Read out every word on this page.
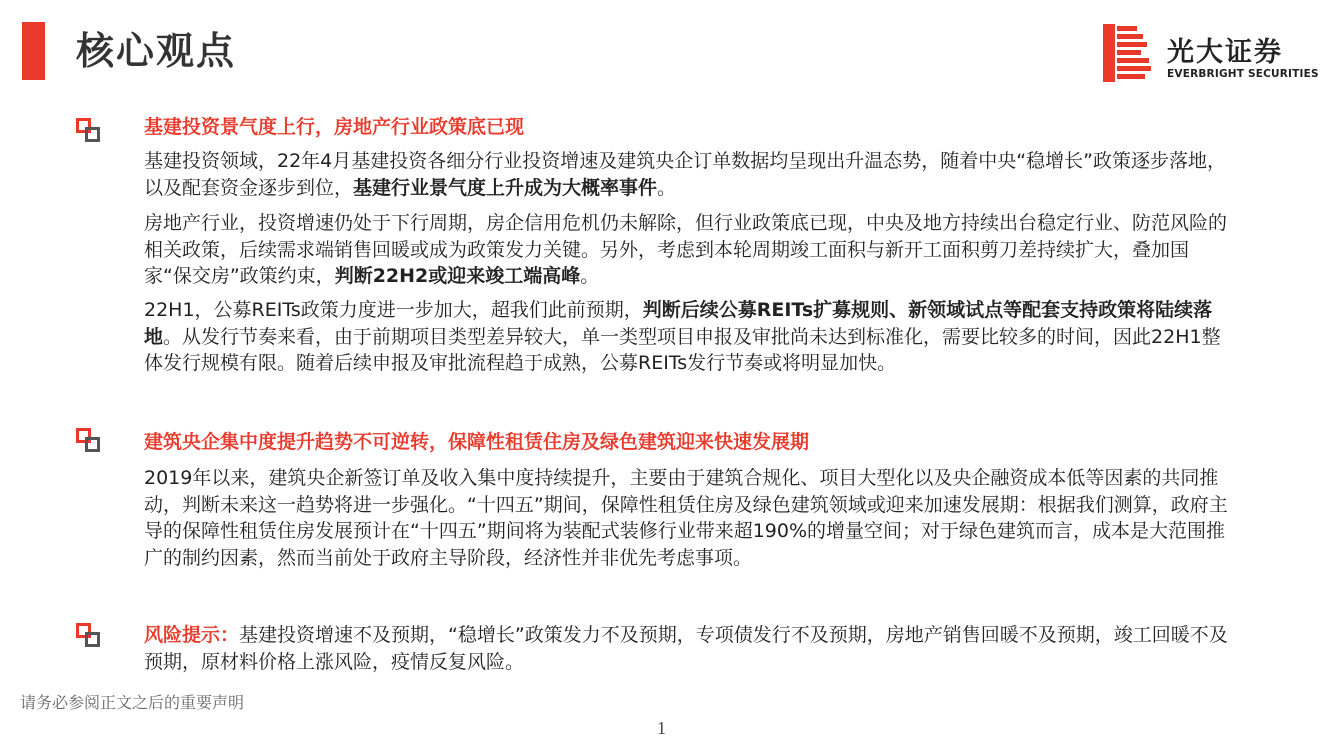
核心观点	光大证券
EVERBRIGHT SECURITIES
基建投资景气度上行，房地产行业政策底已现

基建投资领域，22年4月基建投资各细分行业投资增速及建筑央企订单数据均呈现出升温态势，随着中央“稳增长”政策逐步落地，以及配套资金逐步到位，基建行业景气度上升成为大概率事件。

房地产行业，投资增速仍处于下行周期，房企信用危机仍未解除，但行业政策底已现，中央及地方持续出台稳定行业、防范风险的相关政策，后续需求端销售回暖或成为政策发力关键。另外，考虑到本轮周期竣工面积与新开工面积剪刀差持续扩大，叠加国家“保交房”政策约束，判断22H2或迎来竣工端高峰。

22H1，公募REITs政策力度进一步加大，超我们此前预期，判断后续公募REITs扩募规则、新领域试点等配套支持政策将陆续落地。从发行节奏来看，由于前期项目类型差异较大，单一类型项目申报及审批尚未达到标准化，需要比较多的时间，因此22H1整体发行规模有限。随着后续申报及审批流程趋于成熟，公募REITs发行节奏或将明显加快。

建筑央企集中度提升趋势不可逆转，保障性租赁住房及绿色建筑迎来快速发展期

2019年以来，建筑央企新签订单及收入集中度持续提升，主要由于建筑合规化、项目大型化以及央企融资成本低等因素的共同推动，判断未来这一趋势将进一步强化。“十四五”期间，保障性租赁住房及绿色建筑领域或迎来加速发展期：根据我们测算，政府主导的保障性租赁住房发展预计在“十四五”期间将为装配式装修行业带来超190%的增量空间；对于绿色建筑而言，成本是大范围推广的制约因素，然而当前处于政府主导阶段，经济性并非优先考虑事项。

风险提示：基建投资增速不及预期，“稳增长”政策发力不及预期，专项债发行不及预期，房地产销售回暖不及预期，竣工回暖不及预期，原材料价格上涨风险，疫情反复风险。

请务必参阅正文之后的重要声明
1
